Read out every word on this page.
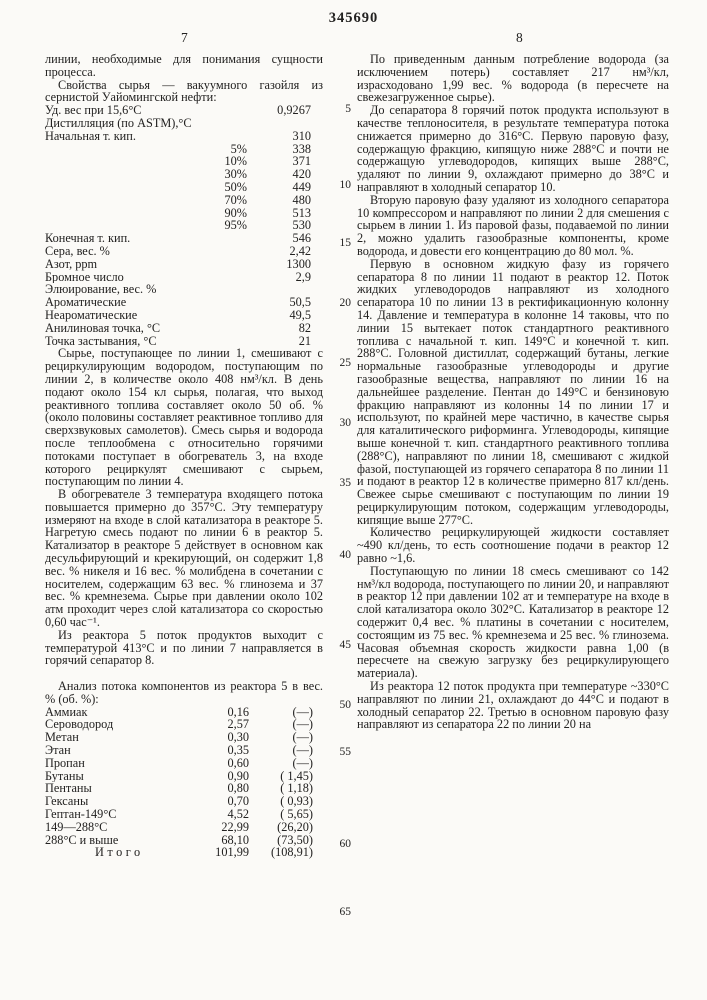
345690
7	8

линии, необходимые для понимания сущности процесса.

Свойства сырья — вакуумного газойля из сернистой Уайомингской нефти:

Уд. вес при 15,6°С	0,9267
Дистилляция (по ASTM),°С
Начальная т. кип.	310
5%	338
10%	371
30%	420
50%	449
70%	480
90%	513
95%	530
Конечная т. кип.	546
Сера, вес. %	2,42
Азот, ppm	1300
Бромное число	2,9
Элюирование, вес. %
Ароматические	50,5
Неароматические	49,5
Анилиновая точка, °С	82
Точка застывания, °С	21

Сырье, поступающее по линии 1, смешивают с рециркулирующим водородом, поступающим по линии 2, в количестве около 408 нм³/кл. В день подают около 154 кл сырья, полагая, что выход реактивного топлива составляет около 50 об. % (около половины составляет реактивное топливо для сверхзвуковых самолетов). Смесь сырья и водорода после теплообмена с относительно горячими потоками поступает в обогреватель 3, на входе которого рециркулят смешивают с сырьем, поступающим по линии 4.

В обогревателе 3 температура входящего потока повышается примерно до 357°С. Эту температуру измеряют на входе в слой катализатора в реакторе 5. Нагретую смесь подают по линии 6 в реактор 5. Катализатор в реакторе 5 действует в основном как десульфирующий и крекирующий, он содержит 1,8 вес. % никеля и 16 вес. % молибдена в сочетании с носителем, содержащим 63 вес. % глинозема и 37 вес. % кремнезема. Сырье при давлении около 102 атм проходит через слой катализатора со скоростью 0,60 час⁻¹.

Из реактора 5 поток продуктов выходит с температурой 413°С и по линии 7 направляется в горячий сепаратор 8.

Анализ потока компонентов из реактора 5 в вес. % (об. %):

Аммиак	0,16	(—)
Сероводород	2,57	(—)
Метан	0,30	(—)
Этан	0,35	(—)
Пропан	0,60	(—)
Бутаны	0,90	( 1,45)
Пентаны	0,80	( 1,18)
Гексаны	0,70	( 0,93)
Гептан-149°С	4,52	( 5,65)
149—288°С	22,99	(26,20)
288°С и выше	68,10	(73,50)
Итого	101,99	(108,91)
5
10
15
20
25
30
35
40
45
50
55
60
65

По приведенным данным потребление водорода (за исключением потерь) составляет 217 нм³/кл, израсходовано 1,99 вес. % водорода (в пересчете на свежезагруженное сырье).

До сепаратора 8 горячий поток продукта используют в качестве теплоносителя, в результате температура потока снижается примерно до 316°С. Первую паровую фазу, содержащую фракцию, кипящую ниже 288°С и почти не содержащую углеводородов, кипящих выше 288°С, удаляют по линии 9, охлаждают примерно до 38°С и направляют в холодный сепаратор 10.

Вторую паровую фазу удаляют из холодного сепаратора 10 компрессором и направляют по линии 2 для смешения с сырьем в линии 1. Из паровой фазы, подаваемой по линии 2, можно удалить газообразные компоненты, кроме водорода, и довести его концентрацию до 80 мол. %.

Первую в основном жидкую фазу из горячего сепаратора 8 по линии 11 подают в реактор 12. Поток жидких углеводородов направляют из холодного сепаратора 10 по линии 13 в ректификационную колонну 14. Давление и температура в колонне 14 таковы, что по линии 15 вытекает поток стандартного реактивного топлива с начальной т. кип. 149°С и конечной т. кип. 288°С. Головной дистиллат, содержащий бутаны, легкие нормальные газообразные углеводороды и другие газообразные вещества, направляют по линии 16 на дальнейшее разделение. Пентан до 149°С и бензиновую фракцию направляют из колонны 14 по линии 17 и используют, по крайней мере частично, в качестве сырья для каталитического риформинга. Углеводороды, кипящие выше конечной т. кип. стандартного реактивного топлива (288°С), направляют по линии 18, смешивают с жидкой фазой, поступающей из горячего сепаратора 8 по линии 11 и подают в реактор 12 в количестве примерно 817 кл/день. Свежее сырье смешивают с поступающим по линии 19 рециркулирующим потоком, содержащим углеводороды, кипящие выше 277°С.

Количество рециркулирующей жидкости составляет ~490 кл/день, то есть соотношение подачи в реактор 12 равно ~1,6.

Поступающую по линии 18 смесь смешивают со 142 нм³/кл водорода, поступающего по линии 20, и направляют в реактор 12 при давлении 102 ат и температуре на входе в слой катализатора около 302°С. Катализатор в реакторе 12 содержит 0,4 вес. % платины в сочетании с носителем, состоящим из 75 вес. % кремнезема и 25 вес. % глинозема. Часовая объемная скорость жидкости равна 1,00 (в пересчете на свежую загрузку без рециркулирующего материала).

Из реактора 12 поток продукта при температуре ~330°С направляют по линии 21, охлаждают до 44°С и подают в холодный сепаратор 22. Третью в основном паровую фазу направляют из сепаратора 22 по линии 20 на
